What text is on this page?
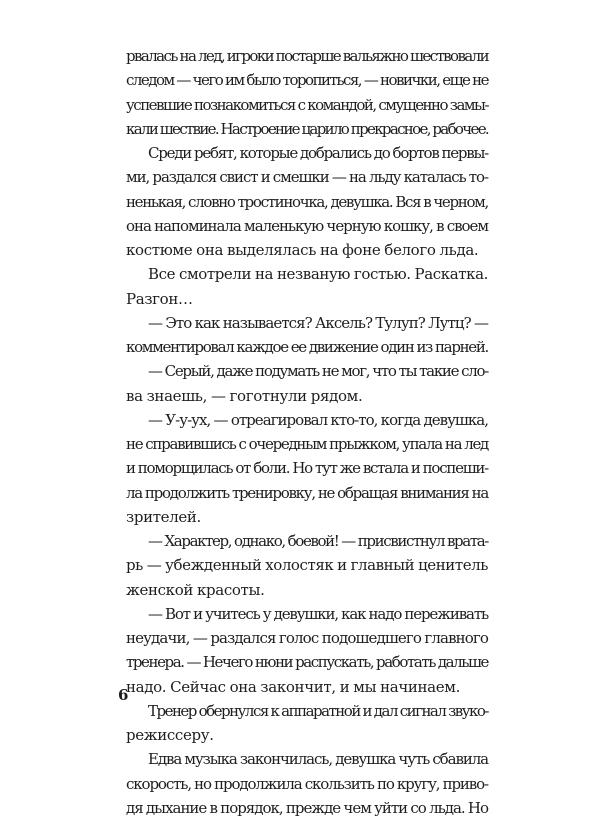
рвалась на лед, игроки постарше вальяжно шествовали
следом — чего им было торопиться, — новички, еще не
успевшие познакомиться с командой, смущенно замы-
кали шествие. Настроение царило прекрасное, рабочее.
Среди ребят, которые добрались до бортов первы-
ми, раздался свист и смешки — на льду каталась то-
ненькая, словно тростиночка, девушка. Вся в черном,
она напоминала маленькую черную кошку, в своем
костюме она выделялась на фоне белого льда.
Все смотрели на незваную гостью. Раскатка.
Разгон…
— Это как называется? Аксель? Тулуп? Лутц? —
комментировал каждое ее движение один из парней.
— Серый, даже подумать не мог, что ты такие сло-
ва знаешь, — гоготнули рядом.
— У-у-ух, — отреагировал кто-то, когда девушка,
не справившись с очередным прыжком, упала на лед
и поморщилась от боли. Но тут же встала и поспеши-
ла продолжить тренировку, не обращая внимания на
зрителей.
— Характер, однако, боевой! — присвистнул врата-
рь — убежденный холостяк и главный ценитель
женской красоты.
— Вот и учитесь у девушки, как надо переживать
неудачи, — раздался голос подошедшего главного
тренера. — Нечего нюни распускать, работать дальше
надо. Сейчас она закончит, и мы начинаем.
Тренер обернулся к аппаратной и дал сигнал звуко-
режиссеру.
Едва музыка закончилась, девушка чуть сбавила
скорость, но продолжила скользить по кругу, приво-
дя дыхание в порядок, прежде чем уйти со льда. Но
6
